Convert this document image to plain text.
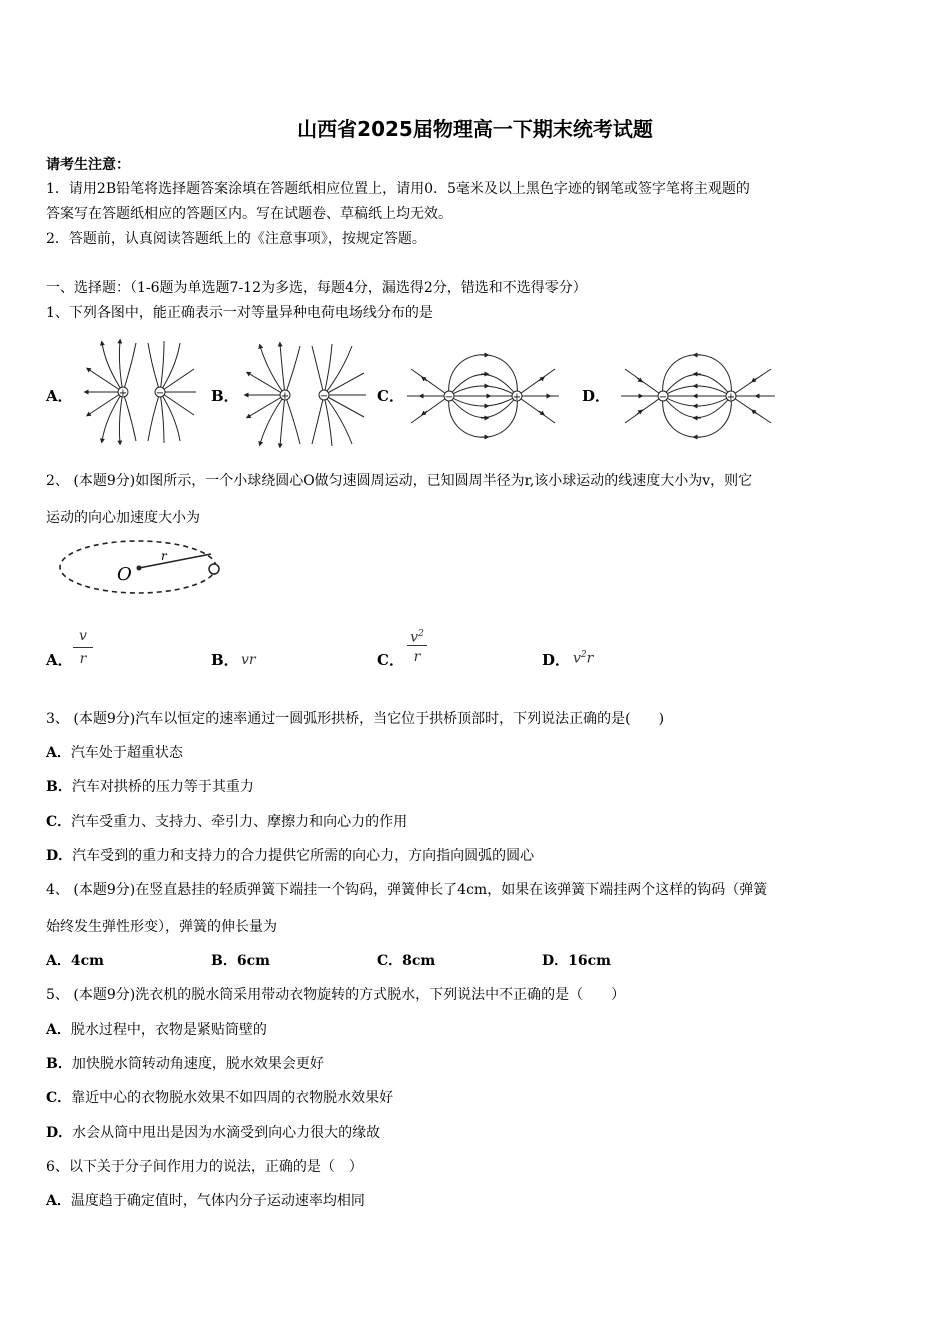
山西省2025届物理高一下期末统考试题
请考生注意：
1．请用2B铅笔将选择题答案涂填在答题纸相应位置上，请用0．5毫米及以上黑色字迹的钢笔或签字笔将主观题的
答案写在答题纸相应的答题区内。写在试题卷、草稿纸上均无效。
2．答题前，认真阅读答题纸上的《注意事项》，按规定答题。
一、选择题：（1-6题为单选题7-12为多选，每题4分，漏选得2分，错选和不选得零分）
1、下列各图中，能正确表示一对等量异种电荷电场线分布的是
A．	B．	C．	D．
+	−	+	−	−	+	−	+
2、 (本题9分)如图所示，一个小球绕圆心O做匀速圆周运动，已知圆周半径为r,该小球运动的线速度大小为v，则它
运动的向心加速度大小为
O
r
A．
v
r	B． vr	C．
$v^2$
r	D． $v^2r$
3、 (本题9分)汽车以恒定的速率通过一圆弧形拱桥，当它位于拱桥顶部时，下列说法正确的是(　　)
A．汽车处于超重状态
B．汽车对拱桥的压力等于其重力
C．汽车受重力、支持力、牵引力、摩擦力和向心力的作用
D．汽车受到的重力和支持力的合力提供它所需的向心力，方向指向圆弧的圆心
4、 (本题9分)在竖直悬挂的轻质弹簧下端挂一个钩码，弹簧伸长了4cm，如果在该弹簧下端挂两个这样的钩码（弹簧
始终发生弹性形变），弹簧的伸长量为
A．4cm	B．6cm	C．8cm	D．16cm
5、 (本题9分)洗衣机的脱水筒采用带动衣物旋转的方式脱水，下列说法中不正确的是（　　）
A．脱水过程中，衣物是紧贴筒壁的
B．加快脱水筒转动角速度，脱水效果会更好
C．靠近中心的衣物脱水效果不如四周的衣物脱水效果好
D．水会从筒中甩出是因为水滴受到向心力很大的缘故
6、以下关于分子间作用力的说法，正确的是（　）
A．温度趋于确定值时，气体内分子运动速率均相同
